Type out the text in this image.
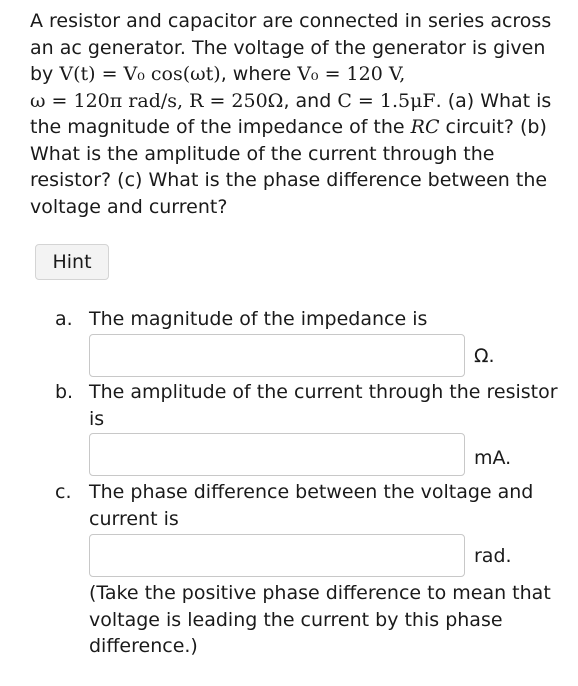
A resistor and capacitor are connected in series across an ac generator. The voltage of the generator is given by V(t) = V₀ cos(ωt), where V₀ = 120 V,
ω = 120π rad/s, R = 250Ω, and C = 1.5μF. (a) What is the magnitude of the impedance of the RC circuit? (b) What is the amplitude of the current through the resistor? (c) What is the phase difference between the voltage and current?
Hint
a. The magnitude of the impedance is
Ω.
b. The amplitude of the current through the resistor is
mA.
c. The phase difference between the voltage and current is
rad.
(Take the positive phase difference to mean that voltage is leading the current by this phase difference.)
